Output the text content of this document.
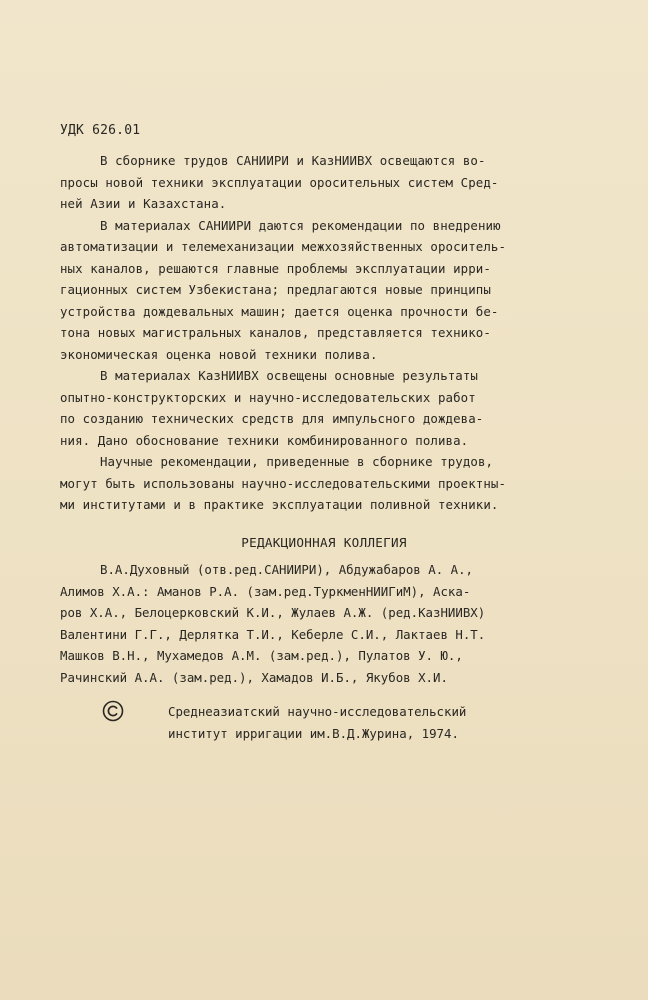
УДК 626.01

В сборнике трудов САНИИРИ и КазНИИВХ освещаются во-
просы новой техники эксплуатации оросительных систем Сред-
ней Азии и Казахстана.

В материалах САНИИРИ даются рекомендации по внедрению
автоматизации и телемеханизации межхозяйственных ороситель-
ных каналов, решаются главные проблемы эксплуатации ирри-
гационных систем Узбекистана; предлагаются новые принципы
устройства дождевальных машин; дается оценка прочности бе-
тона новых магистральных каналов, представляется технико-
экономическая оценка новой техники полива.

В материалах КазНИИВХ освещены основные результаты
опытно-конструкторских и научно-исследовательских работ
по созданию технических средств для импульсного дождева-
ния. Дано обоснование техники комбинированного полива.

Научные рекомендации, приведенные в сборнике трудов,
могут быть использованы научно-исследовательскими проектны-
ми институтами и в практике эксплуатации поливной техники.

РЕДАКЦИОННАЯ КОЛЛЕГИЯ

В.А.Духовный (отв.ред.САНИИРИ), Абдужабаров А. А.,
Алимов Х.А.: Аманов Р.А. (зам.ред.ТуркменНИИГиМ), Аска-
ров Х.А., Белоцерковский К.И., Жулаев А.Ж. (ред.КазНИИВХ)
Валентини Г.Г., Дерлятка Т.И., Keберле С.И., Лактаев Н.Т.
Машков В.Н., Мухамедов А.М. (зам.ред.), Пулатов У. Ю.,
Рачинский А.А. (зам.ред.), Хамадов И.Б., Якубов Х.И.

Среднеазиатский научно-исследовательский
институт ирригации им.В.Д.Журина, 1974.
